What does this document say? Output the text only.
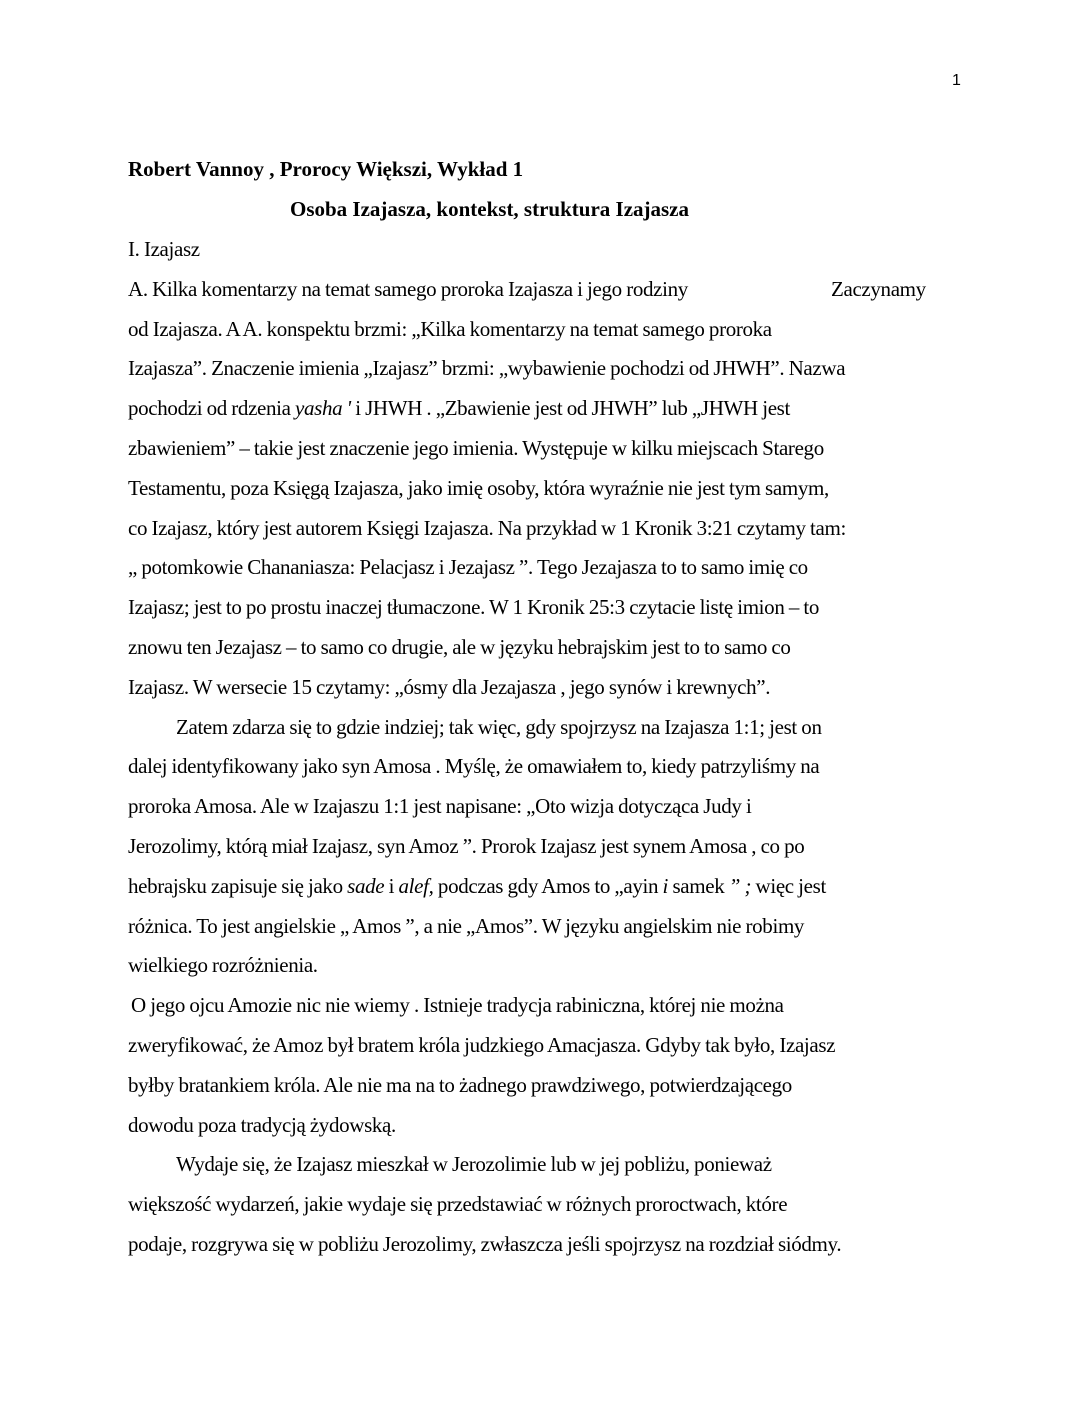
1
Robert Vannoy , Prorocy Większi, Wykład 1
Osoba Izajasza, kontekst, struktura Izajasza
I. Izajasz
A. Kilka komentarzy na temat samego proroka Izajasza i jego rodziny	Zaczynamy
od Izajasza. A A. konspektu brzmi: „Kilka komentarzy na temat samego proroka
Izajasza”. Znaczenie imienia „Izajasz” brzmi: „wybawienie pochodzi od JHWH”. Nazwa
pochodzi od rdzenia yasha ' i JHWH . „Zbawienie jest od JHWH” lub „JHWH jest
zbawieniem” – takie jest znaczenie jego imienia. Występuje w kilku miejscach Starego
Testamentu, poza Księgą Izajasza, jako imię osoby, która wyraźnie nie jest tym samym,
co Izajasz, który jest autorem Księgi Izajasza. Na przykład w 1 Kronik 3:21 czytamy tam:
„ potomkowie Chananiasza: Pelacjasz i Jezajasz ”. Tego Jezajasza to to samo imię co
Izajasz; jest to po prostu inaczej tłumaczone. W 1 Kronik 25:3 czytacie listę imion – to
znowu ten Jezajasz – to samo co drugie, ale w języku hebrajskim jest to to samo co
Izajasz. W wersecie 15 czytamy: „ósmy dla Jezajasza , jego synów i krewnych”.
Zatem zdarza się to gdzie indziej; tak więc, gdy spojrzysz na Izajasza 1:1; jest on
dalej identyfikowany jako syn Amosa . Myślę, że omawiałem to, kiedy patrzyliśmy na
proroka Amosa. Ale w Izajaszu 1:1 jest napisane: „Oto wizja dotycząca Judy i
Jerozolimy, którą miał Izajasz, syn Amoz ”. Prorok Izajasz jest synem Amosa , co po
hebrajsku zapisuje się jako sade i alef, podczas gdy Amos to „ayin i samek ” ; więc jest
różnica. To jest angielskie „ Amos ”, a nie „Amos”. W języku angielskim nie robimy
wielkiego rozróżnienia.
O jego ojcu Amozie nic nie wiemy . Istnieje tradycja rabiniczna, której nie można
zweryfikować, że Amoz był bratem króla judzkiego Amacjasza. Gdyby tak było, Izajasz
byłby bratankiem króla. Ale nie ma na to żadnego prawdziwego, potwierdzającego
dowodu poza tradycją żydowską.
Wydaje się, że Izajasz mieszkał w Jerozolimie lub w jej pobliżu, ponieważ
większość wydarzeń, jakie wydaje się przedstawiać w różnych proroctwach, które
podaje, rozgrywa się w pobliżu Jerozolimy, zwłaszcza jeśli spojrzysz na rozdział siódmy.
